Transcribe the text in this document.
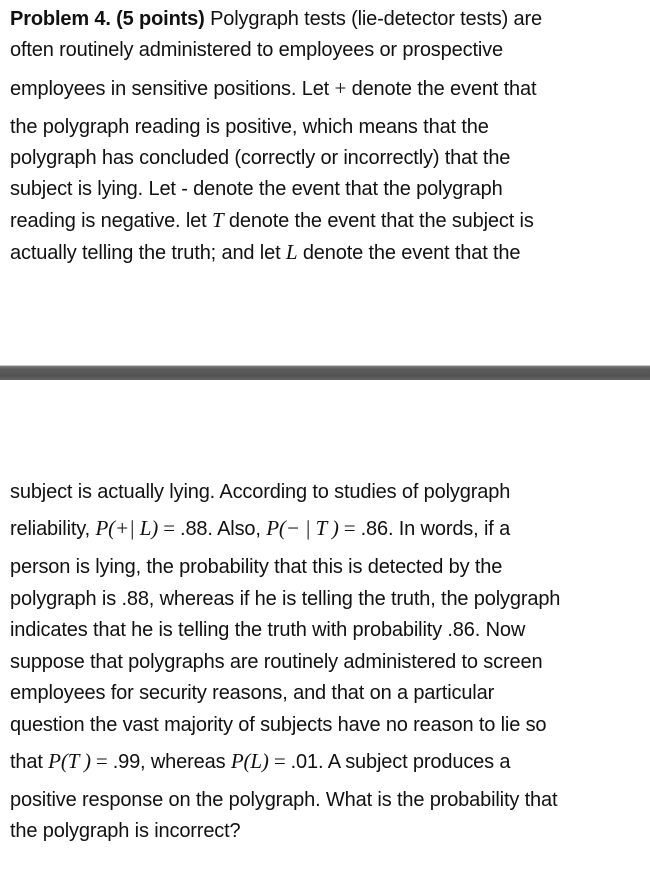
Problem 4. (5 points) Polygraph tests (lie-detector tests) are
often routinely administered to employees or prospective
employees in sensitive positions. Let + denote the event that
the polygraph reading is positive, which means that the
polygraph has concluded (correctly or incorrectly) that the
subject is lying. Let - denote the event that the polygraph
reading is negative. let T denote the event that the subject is
actually telling the truth; and let L denote the event that the
subject is actually lying. According to studies of polygraph
reliability, P(+| L) = .88. Also, P(− | T ) = .86. In words, if a
person is lying, the probability that this is detected by the
polygraph is .88, whereas if he is telling the truth, the polygraph
indicates that he is telling the truth with probability .86. Now
suppose that polygraphs are routinely administered to screen
employees for security reasons, and that on a particular
question the vast majority of subjects have no reason to lie so
that P(T ) = .99, whereas P(L) = .01. A subject produces a
positive response on the polygraph. What is the probability that
the polygraph is incorrect?
